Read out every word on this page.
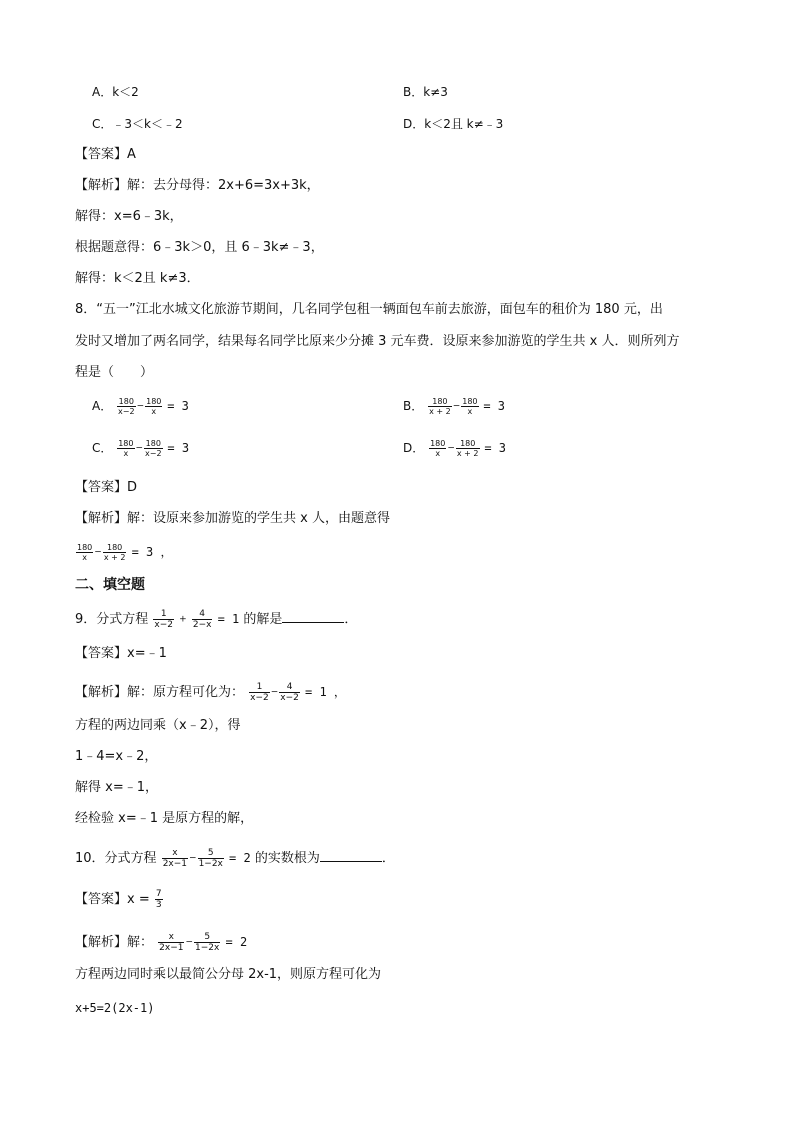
A．k＜2	B．k≠3
C．﹣3＜k＜﹣2	D．k＜2且 k≠﹣3
【答案】A
【解析】解：去分母得：2x+6=3x+3k，
解得：x=6﹣3k，
根据题意得：6﹣3k＞0，且 6﹣3k≠﹣3，
解得：k＜2且 k≠3．
8．“五一”江北水城文化旅游节期间，几名同学包租一辆面包车前去旅游，面包车的租价为 180 元，出
发时又增加了两名同学，结果每名同学比原来少分摊 3 元车费．设原来参加游览的学生共 x 人．则所列方
程是（　　）
A． $\frac{180}{x-2} - \frac{180}{x} = 3$	B． $\frac{180}{x + 2} - \frac{180}{x} = 3$
C． $\frac{180}{x} - \frac{180}{x-2} = 3$	D． $\frac{180}{x} - \frac{180}{x + 2} = 3$
【答案】D
【解析】解：设原来参加游览的学生共 x 人，由题意得
$\frac{180}{x} - \frac{180}{x + 2} = 3$ ，
二、填空题
9．分式方程 $\frac{1}{x-2} + \frac{4}{2-x} = 1$ 的解是	．
【答案】x=﹣1
【解析】解：原方程可化为： $\frac{1}{x-2} - \frac{4}{x-2} = 1$ ，
方程的两边同乘（x﹣2），得
1﹣4=x﹣2，
解得 x=﹣1，
经检验 x=﹣1 是原方程的解，
10．分式方程 $\frac{x}{2x-1} - \frac{5}{1-2x} = 2$ 的实数根为	．
【答案】$x = \frac{7}{3}$
【解析】解： $\frac{x}{2x-1} - \frac{5}{1-2x} = 2$
方程两边同时乘以最简公分母 2x-1，则原方程可化为
x+5=2(2x-1)
